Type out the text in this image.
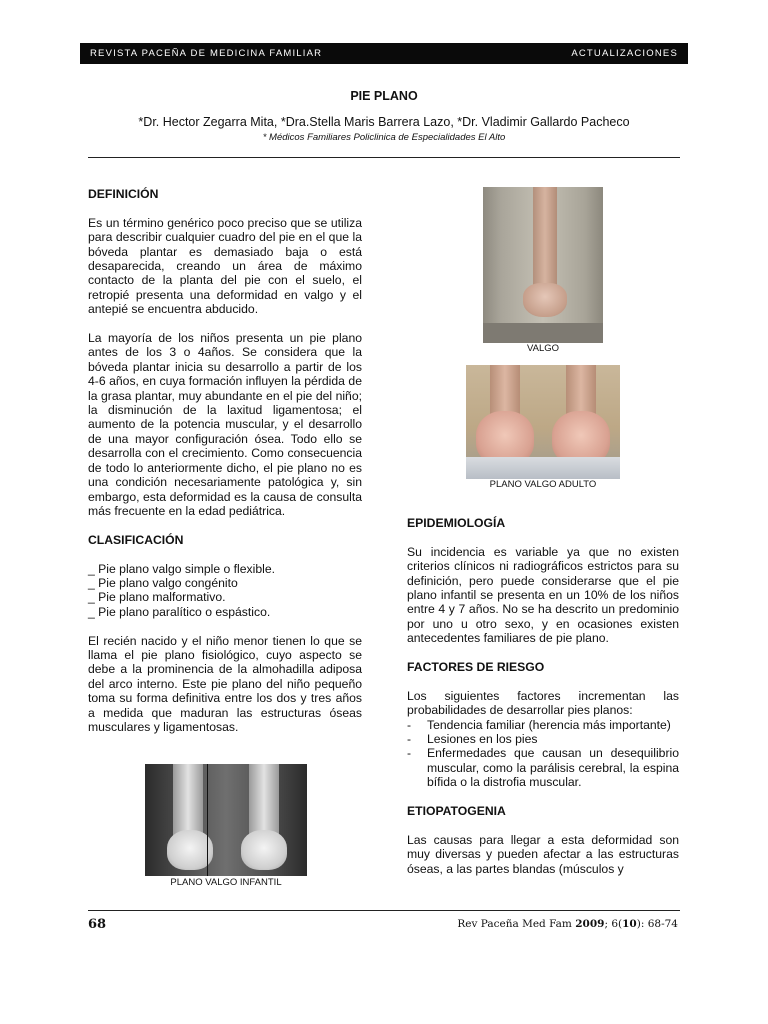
REVISTA PACEÑA DE MEDICINA FAMILIAR	ACTUALIZACIONES
PIE PLANO
*Dr. Hector Zegarra Mita, *Dra.Stella Maris Barrera Lazo, *Dr. Vladimir Gallardo Pacheco
* Médicos Familiares Policlinica de Especialidades El Alto
DEFINICIÓN

Es un término genérico poco preciso que se utiliza para describir cualquier cuadro del pie en el que la bóveda plantar es demasiado baja o está desaparecida, creando un área de máximo contacto de la planta del pie con el suelo, el retropié presenta una deformidad en valgo y el antepié se encuentra abducido.

La mayoría de los niños presenta un pie plano antes de los 3 o 4años. Se considera que la bóveda plantar inicia su desarrollo a partir de los 4-6 años, en cuya formación influyen la pérdida de la grasa plantar, muy abundante en el pie del niño; la disminución de la laxitud ligamentosa; el aumento de la potencia muscular, y el desarrollo de una mayor configuración ósea. Todo ello se desarrolla con el crecimiento. Como consecuencia de todo lo anteriormente dicho, el pie plano no es una condición necesariamente patológica y, sin embargo, esta deformidad es la causa de consulta más frecuente en la edad pediátrica.

CLASIFICACIÓN
_ Pie plano valgo simple o flexible.
_ Pie plano valgo congénito
_ Pie plano malformativo.
_ Pie plano paralítico o espástico.

El recién nacido y el niño menor tienen lo que se llama el pie plano fisiológico, cuyo aspecto se debe a la prominencia de la almohadilla adiposa del arco interno. Este pie plano del niño pequeño toma su forma definitiva entre los dos y tres años a medida que maduran las estructuras óseas musculares y ligamentosas.

PLANO VALGO INFANTIL
VALGO
PLANO VALGO ADULTO
EPIDEMIOLOGÍA

Su incidencia es variable ya que no existen criterios clínicos ni radiográficos estrictos para su definición, pero puede considerarse que el pie plano infantil se presenta en un 10% de los niños entre 4 y 7 años. No se ha descrito un predominio por uno u otro sexo, y en ocasiones existen antecedentes familiares de pie plano.

FACTORES DE RIESGO

Los siguientes factores incrementan las probabilidades de desarrollar pies planos:

- Tendencia familiar (herencia más importante)
- Lesiones en los pies
- Enfermedades que causan un desequilibrio muscular, como la parálisis cerebral, la espina bífida o la distrofia muscular.
ETIOPATOGENIA

Las causas para llegar a esta deformidad son muy diversas y pueden afectar a las estructuras óseas, a las partes blandas (músculos y

68	Rev Paceña Med Fam 2009; 6(10): 68-74
